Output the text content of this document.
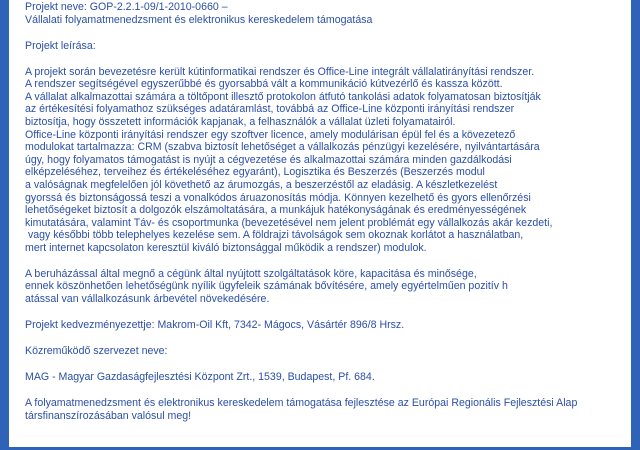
Projekt neve: GOP-2.2.1-09/1-2010-0660 –
Vállalati folyamatmenedzsment és elektronikus kereskedelem támogatása
Projekt leírása:
A projekt során bevezetésre került kútinformatikai rendszer és Office-Line integrált vállalatirányítási rendszer.
A rendszer segítségével egyszerűbbé és gyorsabbá vált a kommunikáció kútvezérlő és kassza között.
A vállalat alkalmazottai számára a töltőpont illesztő protokolon átfutó tankolási adatok folyamatosan biztosítják
az értékesítési folyamathoz szükséges adatáramlást, továbbá az Office-Line központi irányítási rendszer
biztosítja, hogy összetett információk kapjanak, a felhasználók a vállalat üzleti folyamatairól.
Office-Line központi irányítási rendszer egy szoftver licence, amely modulárisan épül fel és a kövezetező
modulokat tartalmazza: CRM (szabva biztosít lehetőséget a vállalkozás pénzügyi kezelésére, nyilvántartására
úgy, hogy folyamatos támogatást is nyújt a cégvezetése és alkalmazottai számára minden gazdálkodási
elképzeléséhez, terveihez és értékeléséhez egyaránt), Logisztika és Beszerzés (Beszerzés modul
a valóságnak megfelelően jól követhető az árumozgás, a beszerzéstől az eladásig. A készletkezelést
gyorssá és biztonságossá teszi a vonalkódos áruazonosítás módja. Könnyen kezelhető és gyors ellenőrzési
lehetőségeket biztosít a dolgozók elszámoltatására, a munkájuk hatékonyságának és eredményességének
kimutatására, valamint Táv- és csoportmunka (bevezetésével nem jelent problémát egy vállalkozás akár kezdeti,
vagy későbbi több telephelyes kezelése sem. A földrajzi távolságok sem okoznak korlátot a használatban,
mert internet kapcsolaton keresztül kiváló biztonsággal működik a rendszer) modulok.
A beruházással által megnő a cégünk által nyújtott szolgáltatások köre, kapacitása és minősége,
ennek köszönhetően lehetőségünk nyílik ügyfeleik számának bővítésére, amely egyértelműen pozitív h
atással van vállalkozásunk árbevétel növekedésére.
Projekt kedvezményezettje: Makrom-Oil Kft, 7342- Mágocs, Vásártér 896/8 Hrsz.
Közreműködő szervezet neve:
MAG - Magyar Gazdaságfejlesztési Központ Zrt., 1539, Budapest, Pf. 684.
A folyamatmenedzsment és elektronikus kereskedelem támogatása fejlesztése az Európai Regionális Fejlesztési Alap
társfinanszírozásában valósul meg!
